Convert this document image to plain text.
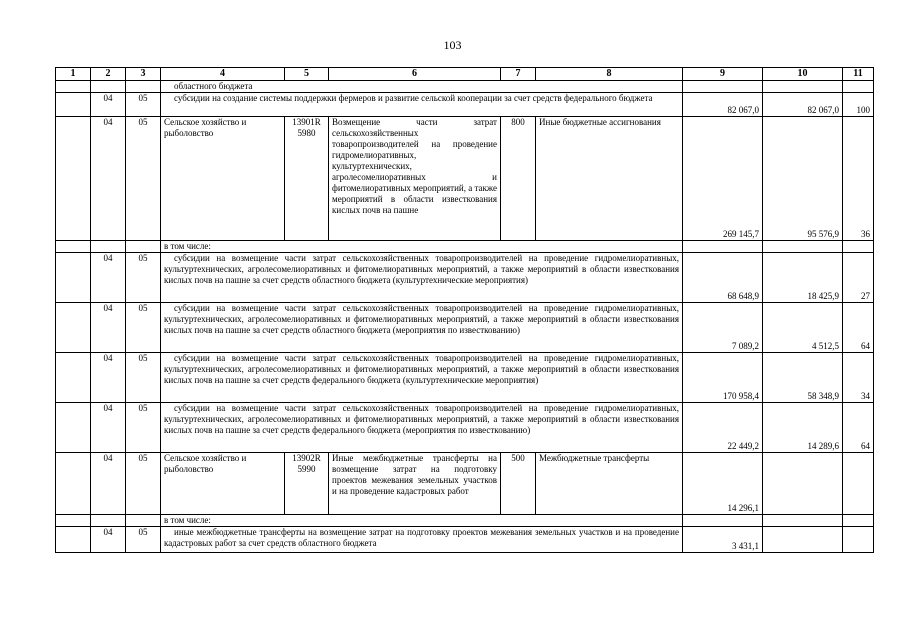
103
1	2	3	4	5	6	7	8	9	10	11
			областного бюджета							
	04	05	субсидии на создание системы поддержки фермеров и развитие сельской кооперации за счет средств федерального бюджета					82 067,0	82 067,0	100
	04	05	Сельское хозяйство и рыболовство	13901R 5980	Возмещение части затрат сельскохозяйственных товаропроизводителей на проведение гидромелиоративных, культуртехнических, агролесомелиоративных и фитомелиоративных мероприятий, а также мероприятий в области известкования кислых почв на пашне	800	Иные бюджетные ассигнования	269 145,7	95 576,9	36
			в том числе:							
	04	05	субсидии на возмещение части затрат сельскохозяйственных товаропроизводителей на проведение гидромелиоративных, культуртехнических, агролесомелиоративных и фитомелиоративных мероприятий, а также мероприятий в области известкования кислых почв на пашне за счет средств областного бюджета (культуртехнические мероприятия)					68 648,9	18 425,9	27
	04	05	субсидии на возмещение части затрат сельскохозяйственных товаропроизводителей на проведение гидромелиоративных, культуртехнических, агролесомелиоративных и фитомелиоративных мероприятий, а также мероприятий в области известкования кислых почв на пашне за счет средств областного бюджета (мероприятия по известкованию)					7 089,2	4 512,5	64
	04	05	субсидии на возмещение части затрат сельскохозяйственных товаропроизводителей на проведение гидромелиоративных, культуртехнических, агролесомелиоративных и фитомелиоративных мероприятий, а также мероприятий в области известкования кислых почв на пашне за счет средств федерального бюджета (культуртехнические мероприятия)					170 958,4	58 348,9	34
	04	05	субсидии на возмещение части затрат сельскохозяйственных товаропроизводителей на проведение гидромелиоративных, культуртехнических, агролесомелиоративных и фитомелиоративных мероприятий, а также мероприятий в области известкования кислых почв на пашне за счет средств федерального бюджета (мероприятия по известкованию)					22 449,2	14 289,6	64
	04	05	Сельское хозяйство и рыболовство	13902R 5990	Иные межбюджетные трансферты на возмещение затрат на подготовку проектов межевания земельных участков и на проведение кадастровых работ	500	Межбюджетные трансферты	14 296,1		
			в том числе:							
	04	05	иные межбюджетные трансферты на возмещение затрат на подготовку проектов межевания земельных участков и на проведение кадастровых работ за счет средств областного бюджета					3 431,1		
